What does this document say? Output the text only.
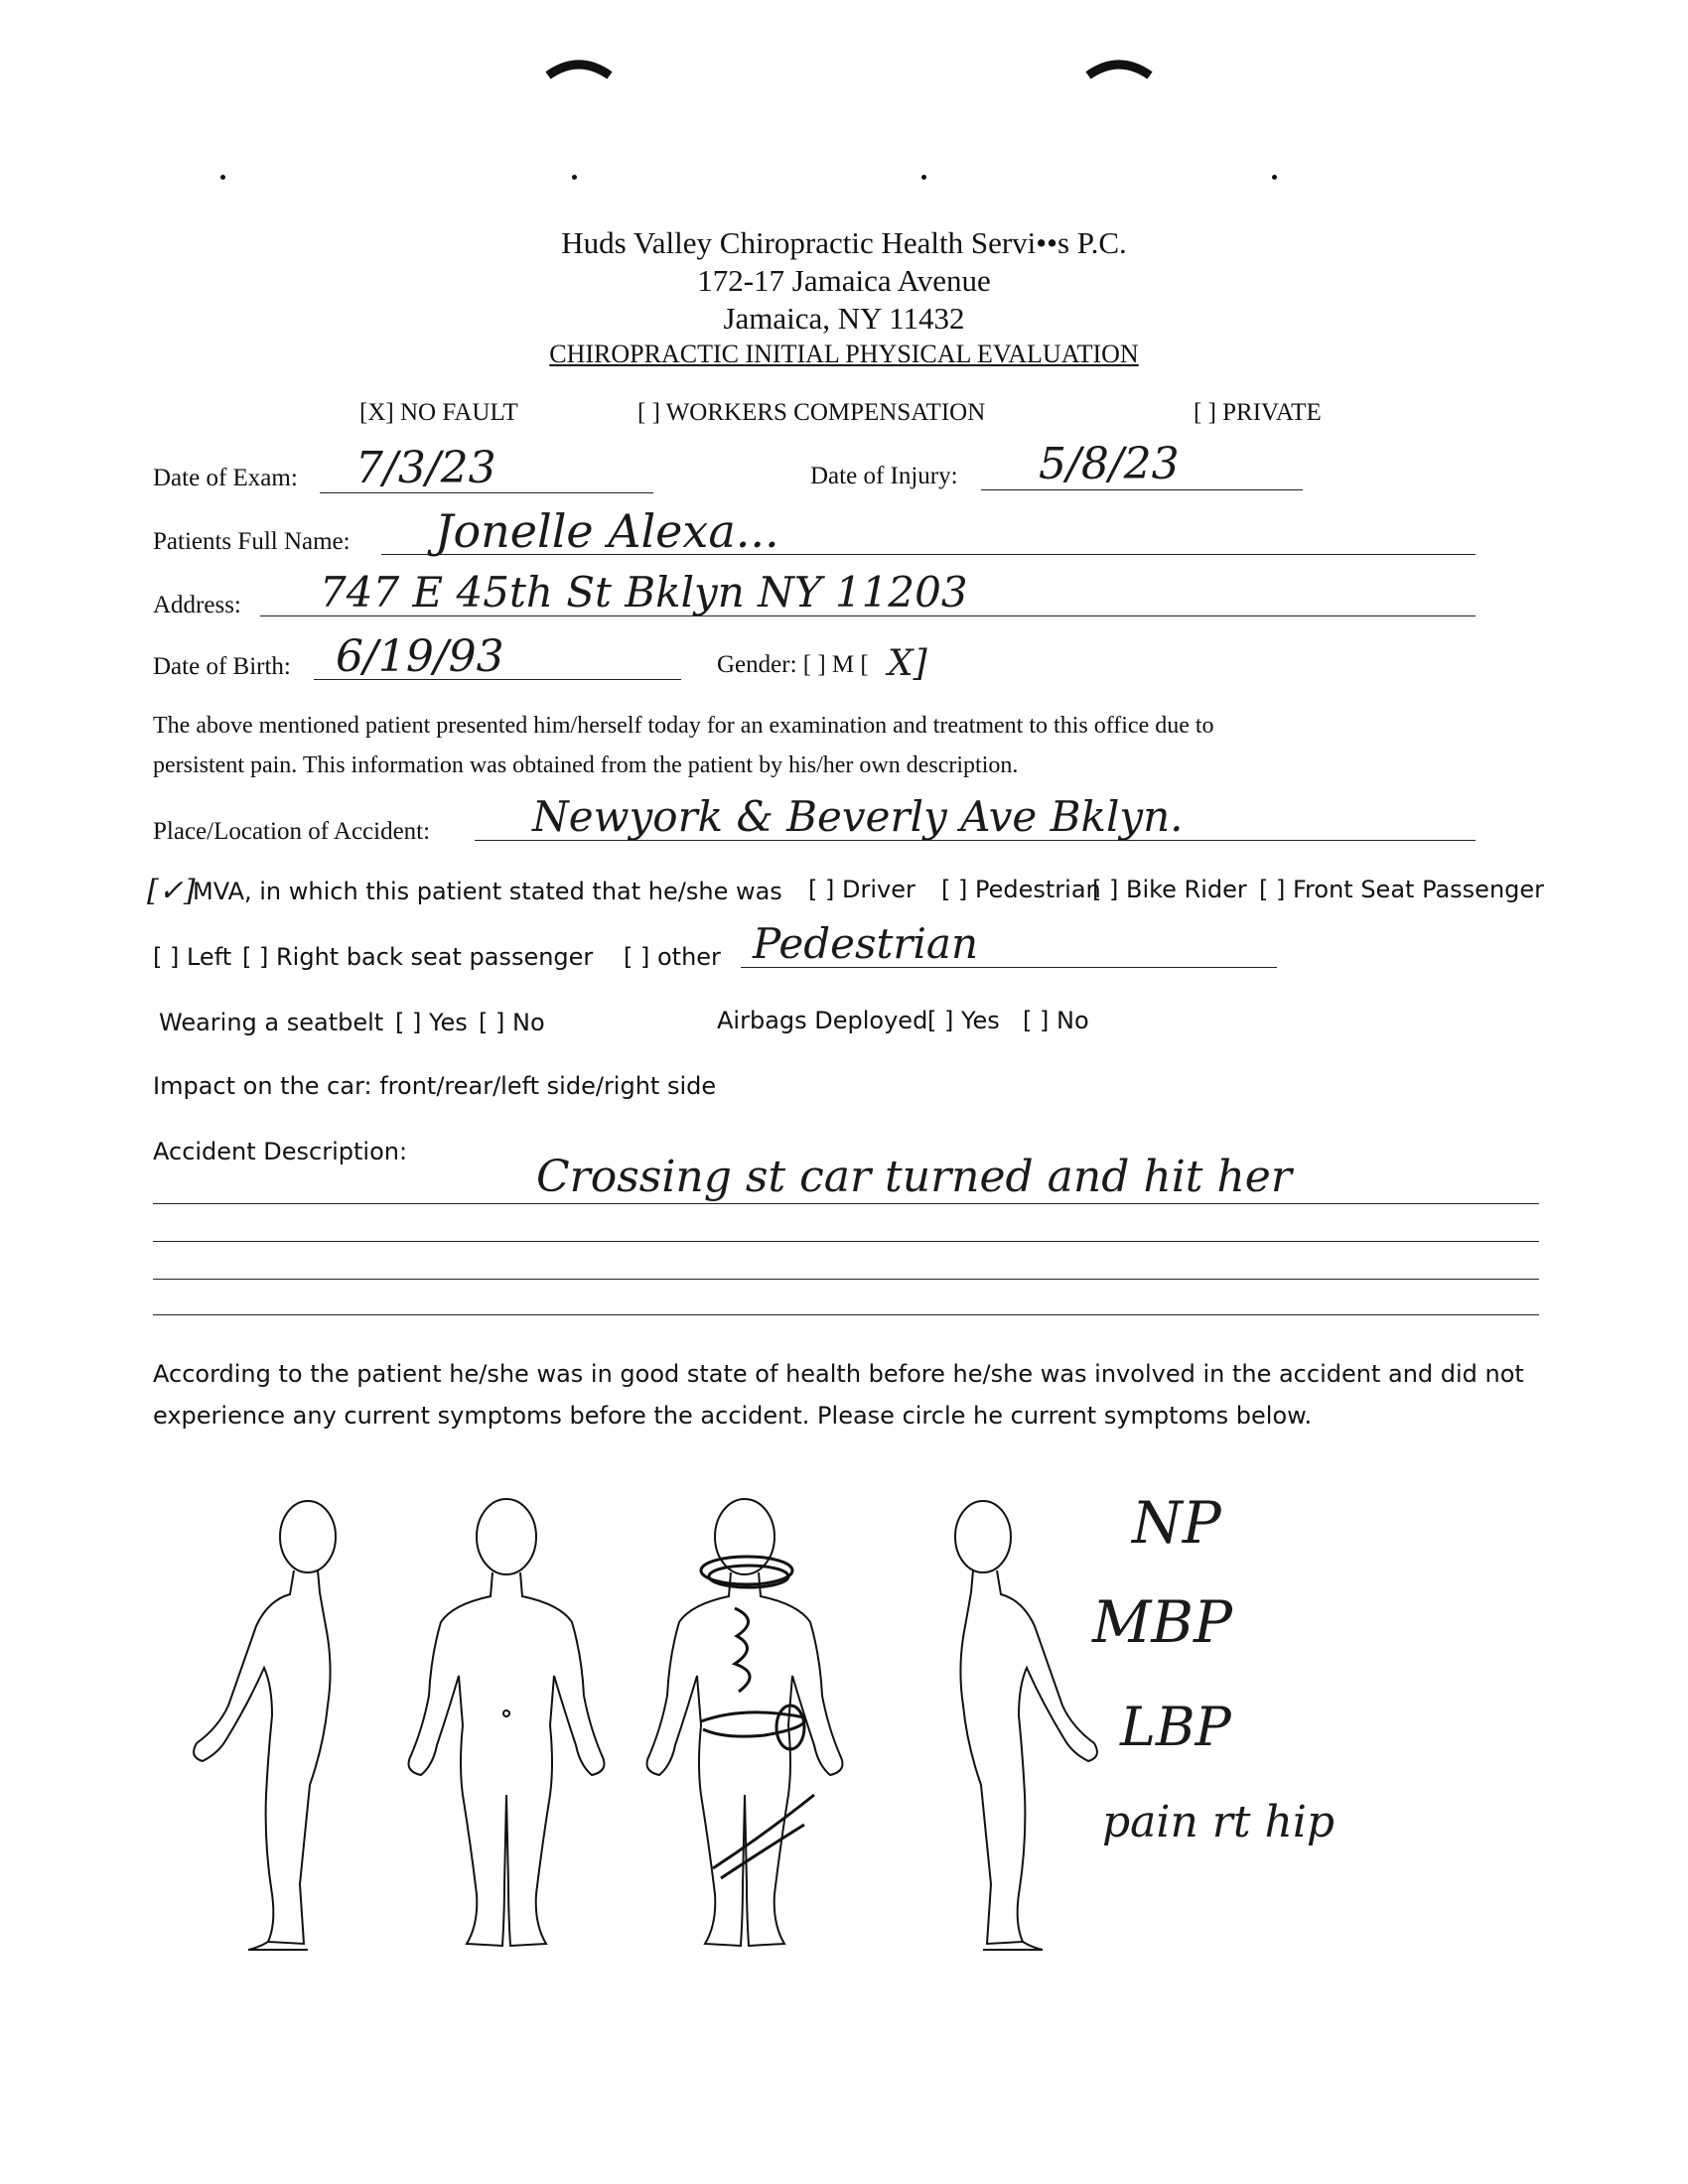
Huds Valley Chiropractic Health Servi••s P.C.
172-17 Jamaica Avenue
Jamaica, NY 11432
CHIROPRACTIC INITIAL PHYSICAL EVALUATION
[X] NO FAULT	[ ] WORKERS COMPENSATION	[ ] PRIVATE
Date of Exam: 7/3/23	Date of Injury: 5/8/23
Patients Full Name: Jonelle Alexa...
Address: 747 E 45th St Bklyn NY 11203
Date of Birth: 6/19/93	Gender: [ ] M [ X]
The above mentioned patient presented him/herself today for an examination and treatment to this office due to
persistent pain. This information was obtained from the patient by his/her own description.
Place/Location of Accident: Newyork & Beverly Ave Bklyn.
[✓]
MVA, in which this patient stated that he/she was [ ] Driver [ ] Pedestrian
[ ] Bike Rider [ ] Front Seat Passenger
[ ] Left [ ] Right back seat passenger [ ] other Pedestrian
Wearing a seatbelt [ ] Yes [ ] No	Airbags Deployed [ ] Yes [ ] No
Impact on the car: front/rear/left side/right side
Accident Description:	Crossing st car turned and hit her
According to the patient he/she was in good state of health before he/she was involved in the accident and did not
experience any current symptoms before the accident. Please circle he current symptoms below.
NP
MBP
LBP
pain rt hip
